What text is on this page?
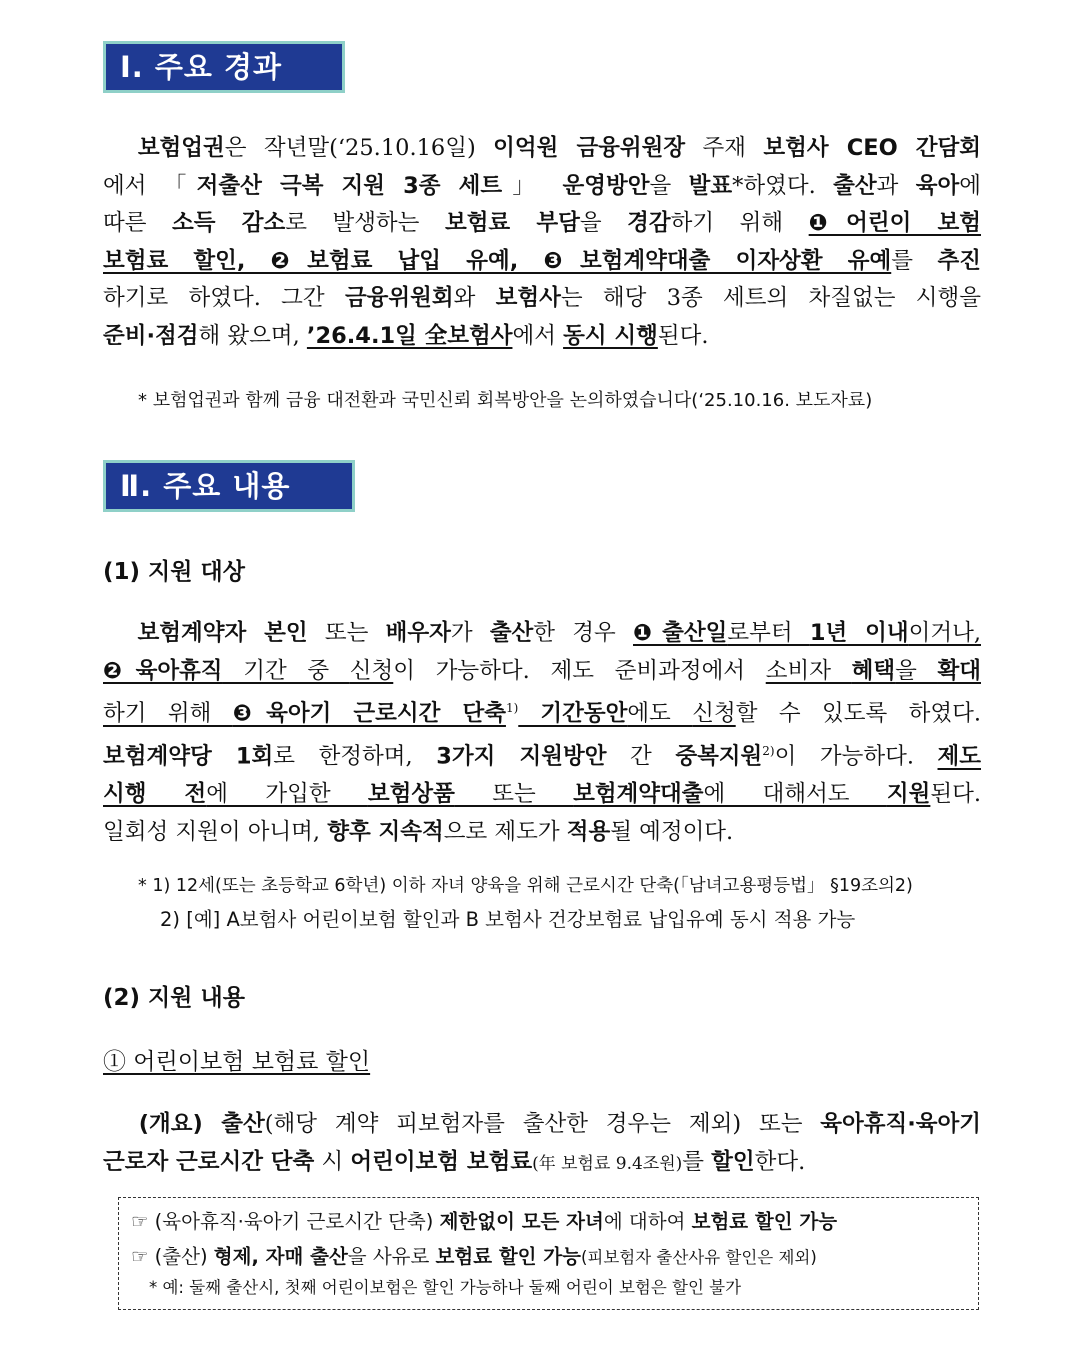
Ⅰ. 주요 경과
보험업권은 작년말(‘25.10.16일) 이억원 금융위원장 주재 보험사 CEO 간담회
에서 「저출산 극복 지원 3종 세트」 운영방안을 발표*하였다. 출산과 육아에
따른 소득 감소로 발생하는 보험료 부담을 경감하기 위해 ❶어린이 보험
보험료 할인, ❷보험료 납입 유예, ❸보험계약대출 이자상환 유예를 추진
하기로 하였다. 그간 금융위원회와 보험사는 해당 3종 세트의 차질없는 시행을
준비·점검해 왔으며, ’26.4.1일 全보험사에서 동시 시행된다.
* 보험업권과 함께 금융 대전환과 국민신뢰 회복방안을 논의하였습니다(‘25.10.16. 보도자료)
Ⅱ. 주요 내용
(1) 지원 대상
보험계약자 본인 또는 배우자가 출산한 경우 ❶출산일로부터 1년 이내이거나,
❷육아휴직 기간 중 신청이 가능하다. 제도 준비과정에서 소비자 혜택을 확대
하기 위해 ❸육아기 근로시간 단축$^{1)}$ 기간동안에도 신청할 수 있도록 하였다.
보험계약당 1회로 한정하며, 3가지 지원방안 간 중복지원$^{2)}$이 가능하다. 제도
시행 전에 가입한 보험상품 또는 보험계약대출에 대해서도 지원된다.
일회성 지원이 아니며, 향후 지속적으로 제도가 적용될 예정이다.
* 1) 12세(또는 초등학교 6학년) 이하 자녀 양육을 위해 근로시간 단축(「남녀고용평등법」 §19조의2)
2) [예] A보험사 어린이보험 할인과 B 보험사 건강보험료 납입유예 동시 적용 가능
(2) 지원 내용
① 어린이보험 보험료 할인
(개요) 출산(해당 계약 피보험자를 출산한 경우는 제외) 또는 육아휴직·육아기
근로자 근로시간 단축 시 어린이보험 보험료(年 보험료 9.4조원)를 할인한다.
☞ (육아휴직·육아기 근로시간 단축) 제한없이 모든 자녀에 대하여 보험료 할인 가능
☞ (출산) 형제, 자매 출산을 사유로 보험료 할인 가능(피보험자 출산사유 할인은 제외)
* 예: 둘째 출산시, 첫째 어린이보험은 할인 가능하나 둘째 어린이 보험은 할인 불가
